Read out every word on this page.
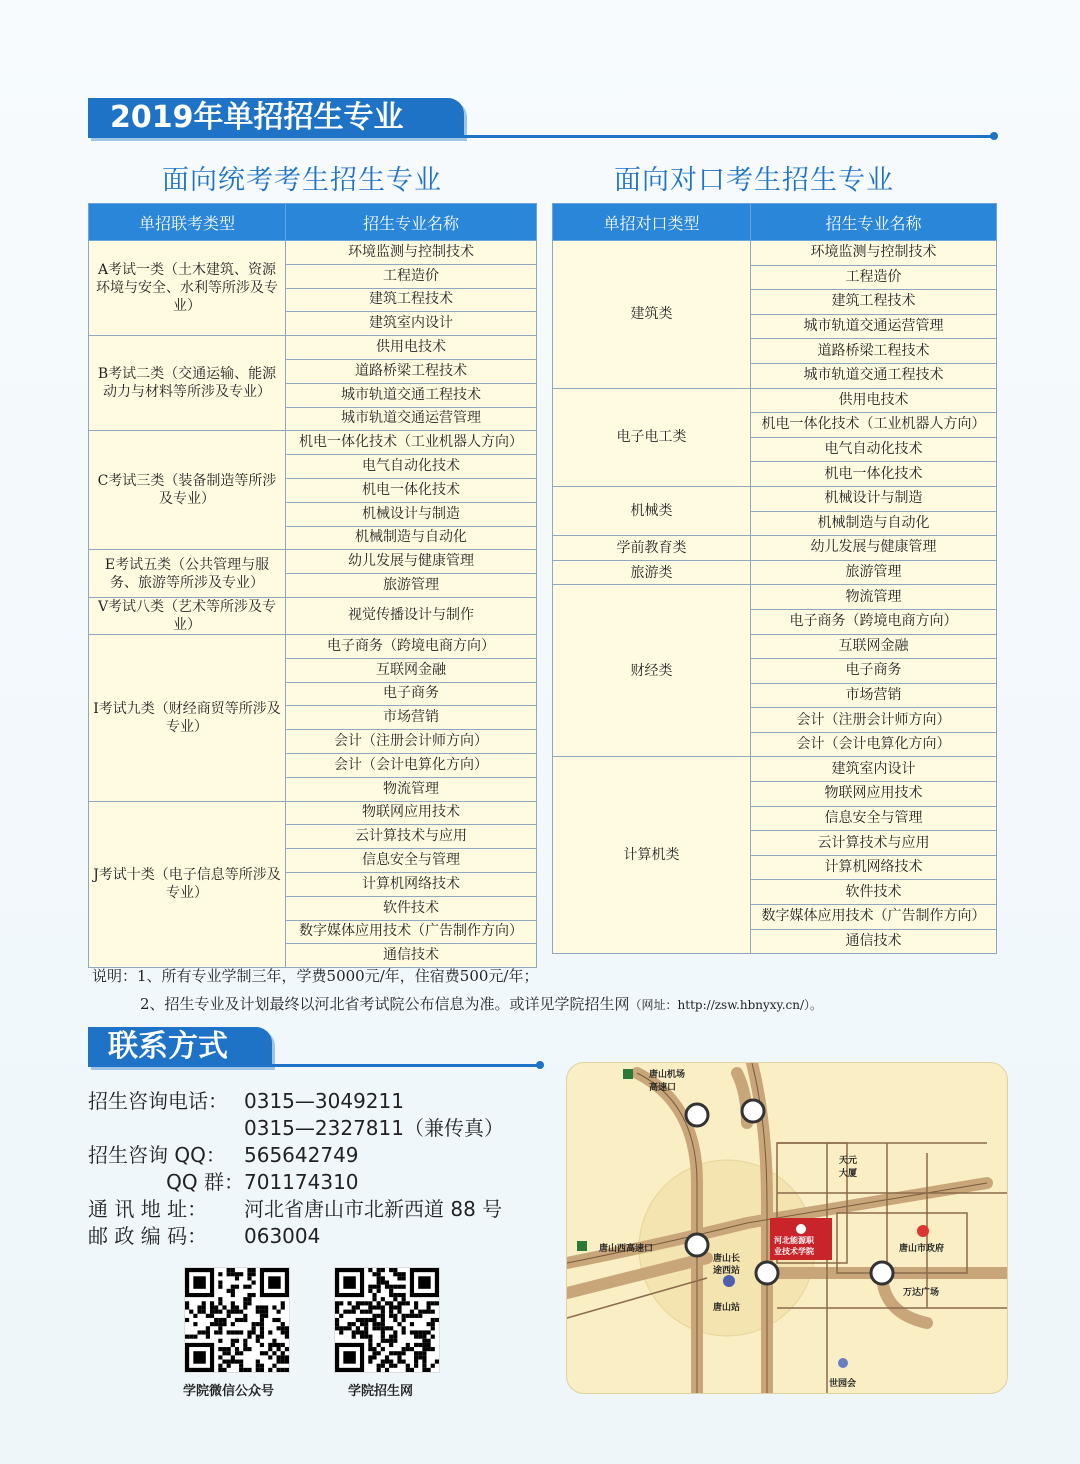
2019年单招招生专业
面向统考考生招生专业	面向对口考生招生专业
单招联考类型	招生专业名称
A考试一类（土木建筑、资源环境与安全、水利等所涉及专业）	环境监测与控制技术
	工程造价
	建筑工程技术
	建筑室内设计
B考试二类（交通运输、能源动力与材料等所涉及专业）	供用电技术
	道路桥梁工程技术
	城市轨道交通工程技术
	城市轨道交通运营管理
C考试三类（装备制造等所涉及专业）	机电一体化技术（工业机器人方向）
	电气自动化技术
	机电一体化技术
	机械设计与制造
	机械制造与自动化
E考试五类（公共管理与服务、旅游等所涉及专业）	幼儿发展与健康管理
	旅游管理
V考试八类（艺术等所涉及专业）	视觉传播设计与制作
I考试九类（财经商贸等所涉及专业）	电子商务（跨境电商方向）
	互联网金融
	电子商务
	市场营销
	会计（注册会计师方向）
	会计（会计电算化方向）
	物流管理
J考试十类（电子信息等所涉及专业）	物联网应用技术
	云计算技术与应用
	信息安全与管理
	计算机网络技术
	软件技术
	数字媒体应用技术（广告制作方向）
	通信技术
单招对口类型	招生专业名称
建筑类	环境监测与控制技术
	工程造价
	建筑工程技术
	城市轨道交通运营管理
	道路桥梁工程技术
	城市轨道交通工程技术
电子电工类	供用电技术
	机电一体化技术（工业机器人方向）
	电气自动化技术
	机电一体化技术
机械类	机械设计与制造
	机械制造与自动化
学前教育类	幼儿发展与健康管理
旅游类	旅游管理
财经类	物流管理
	电子商务（跨境电商方向）
	互联网金融
	电子商务
	市场营销
	会计（注册会计师方向）
	会计（会计电算化方向）
计算机类	建筑室内设计
	物联网应用技术
	信息安全与管理
	云计算技术与应用
	计算机网络技术
	软件技术
	数字媒体应用技术（广告制作方向）
	通信技术
说明：1、所有专业学制三年，学费5000元/年，住宿费500元/年；
2、招生专业及计划最终以河北省考试院公布信息为准。或详见学院招生网（网址：http://zsw.hbnyxy.cn/）。
联系方式
招生咨询电话： 0315—3049211
0315—2327811（兼传真）
招生咨询 QQ： 565642749
QQ 群：701174310
通 讯 地 址： 河北省唐山市北新西道 88 号
邮 政 编 码： 063004
学院微信公众号	学院招生网
唐山机场
高速口
天元
大厦
河北能源职
业技术学院	唐山市政府
唐山西高速口
唐山长
途西站
唐山站
万达广场
世园会
